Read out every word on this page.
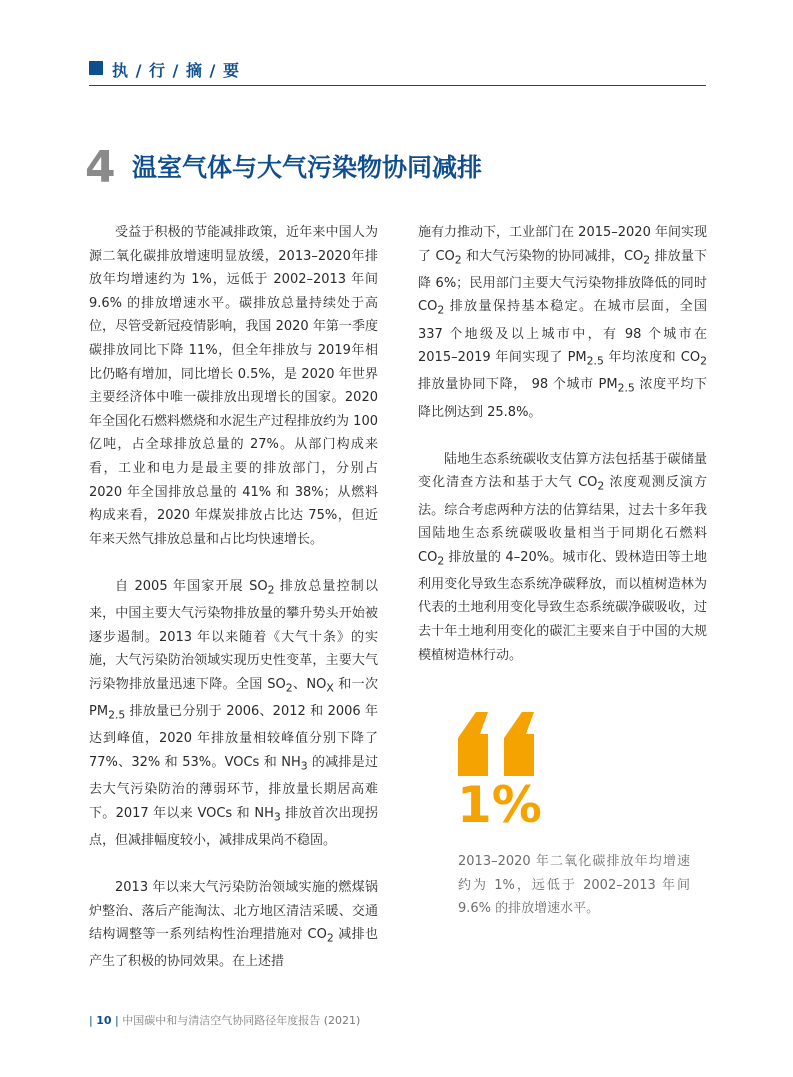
执 / 行 / 摘 / 要
4 温室气体与大气污染物协同减排

受益于积极的节能减排政策，近年来中国人为源二氧化碳排放增速明显放缓，2013–2020年排放年均增速约为 1%，远低于 2002–2013 年间 9.6% 的排放增速水平。碳排放总量持续处于高位，尽管受新冠疫情影响，我国 2020 年第一季度碳排放同比下降 11%，但全年排放与 2019年相比仍略有增加，同比增长 0.5%，是 2020 年世界主要经济体中唯一碳排放出现增长的国家。2020 年全国化石燃料燃烧和水泥生产过程排放约为 100 亿吨，占全球排放总量的 27%。从部门构成来看，工业和电力是最主要的排放部门，分别占 2020 年全国排放总量的 41% 和 38%；从燃料构成来看，2020 年煤炭排放占比达 75%，但近年来天然气排放总量和占比均快速增长。

自 2005 年国家开展 $SO_2$ 排放总量控制以来，中国主要大气污染物排放量的攀升势头开始被逐步遏制。2013 年以来随着《大气十条》的实施，大气污染防治领域实现历史性变革，主要大气污染物排放量迅速下降。全国 $SO_2$、$NO_X$ 和一次 $PM_{2.5}$ 排放量已分别于 2006、2012 和 2006 年达到峰值，2020 年排放量相较峰值分别下降了 77%、32% 和 53%。VOCs 和 $NH_3$ 的减排是过去大气污染防治的薄弱环节，排放量长期居高难下。2017 年以来 VOCs 和 $NH_3$ 排放首次出现拐点，但减排幅度较小，减排成果尚不稳固。

2013 年以来大气污染防治领域实施的燃煤锅炉整治、落后产能淘汰、北方地区清洁采暖、交通结构调整等一系列结构性治理措施对 $CO_2$ 减排也产生了积极的协同效果。在上述措

施有力推动下，工业部门在 2015–2020 年间实现了 $CO_2$ 和大气污染物的协同减排，$CO_2$ 排放量下降 6%；民用部门主要大气污染物排放降低的同时 $CO_2$ 排放量保持基本稳定。在城市层面，全国 337 个地级及以上城市中，有 98 个城市在 2015–2019 年间实现了 $PM_{2.5}$ 年均浓度和 $CO_2$ 排放量协同下降， 98 个城市 $PM_{2.5}$ 浓度平均下降比例达到 25.8%。

陆地生态系统碳收支估算方法包括基于碳储量变化清查方法和基于大气 $CO_2$ 浓度观测反演方法。综合考虑两种方法的估算结果，过去十多年我国陆地生态系统碳吸收量相当于同期化石燃料 $CO_2$ 排放量的 4–20%。城市化、毁林造田等土地利用变化导致生态系统净碳释放，而以植树造林为代表的土地利用变化导致生态系统碳净碳吸收，过去十年土地利用变化的碳汇主要来自于中国的大规模植树造林行动。

1%
2013–2020 年二氧化碳排放年均增速约为 1%，远低于 2002–2013 年间 9.6% 的排放增速水平。
| 10 | 中国碳中和与清洁空气协同路径年度报告 (2021)
